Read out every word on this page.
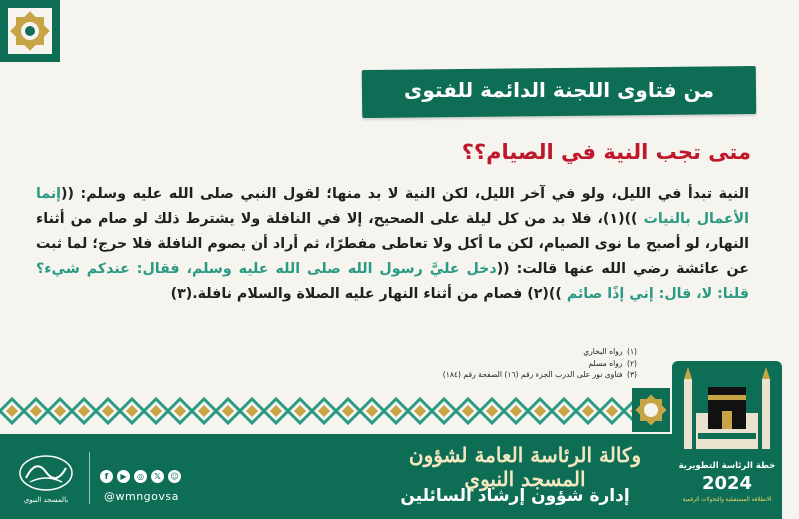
من فتاوى اللجنة الدائمة للفتوى
متى تجب النية في الصيام؟؟
النية تبدأ في الليل، ولو في آخر الليل، لكن النية لا بد منها؛ لقول النبي صلى الله عليه وسلم: ((إنما الأعمال بالنيات ))(١)، فلا بد من كل ليلة على الصحيح، إلا في النافلة ولا يشترط ذلك لو صام من أثناء النهار، لو أصبح ما نوى الصيام، لكن ما أكل ولا تعاطى مفطرًا، ثم أراد أن يصوم النافلة فلا حرج؛ لما ثبت عن عائشة رضي الله عنها قالت: ((دخل عليَّ رسول الله صلى الله عليه وسلم، فقال: عندكم شيء؟ قلنا: لا، قال: إني إذًا صائم ))(٢) فصام من أثناء النهار عليه الصلاة والسلام نافلة.(٣)
(١) رواه البخاري
(٢) رواه مسلم
(٣) فتاوى نور على الدرب الجزء رقم (١٦) الصفحة رقم (١٨٤)
خطة الرئاسة التطويرية
2024
الانطلاقة المستقبلية والتحولات الرقمية
وكالة الرئاسة العامة لشؤون المسجد النبوي
إدارة شؤون إرشاد السائلين
f	▶	◎	𝕏	☺
@wmngovsa
بالمسجد النبوي
